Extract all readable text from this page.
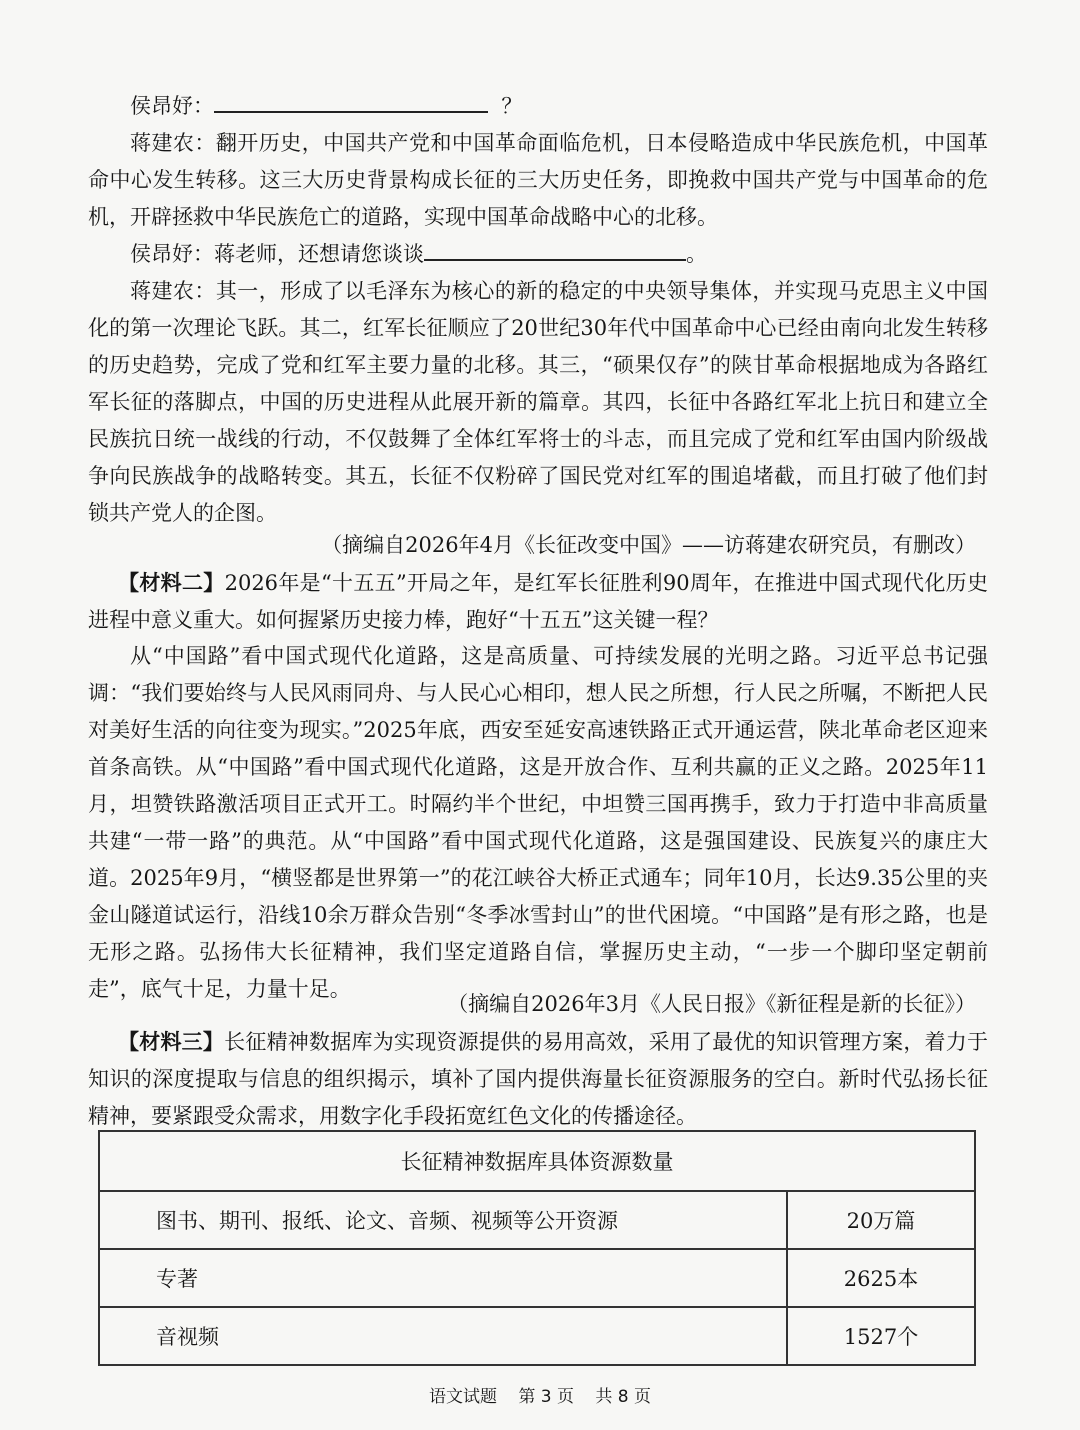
侯昂妤：	？

蒋建农：翻开历史，中国共产党和中国革命面临危机，日本侵略造成中华民族危机，中国革命中心发生转移。这三大历史背景构成长征的三大历史任务，即挽救中国共产党与中国革命的危机，开辟拯救中华民族危亡的道路，实现中国革命战略中心的北移。

侯昂妤：蒋老师，还想请您谈谈	。

蒋建农：其一，形成了以毛泽东为核心的新的稳定的中央领导集体，并实现马克思主义中国化的第一次理论飞跃。其二，红军长征顺应了20世纪30年代中国革命中心已经由南向北发生转移的历史趋势，完成了党和红军主要力量的北移。其三，“硕果仅存”的陕甘革命根据地成为各路红军长征的落脚点，中国的历史进程从此展开新的篇章。其四，长征中各路红军北上抗日和建立全民族抗日统一战线的行动，不仅鼓舞了全体红军将士的斗志，而且完成了党和红军由国内阶级战争向民族战争的战略转变。其五，长征不仅粉碎了国民党对红军的围追堵截，而且打破了他们封锁共产党人的企图。

（摘编自2026年4月《长征改变中国》——访蒋建农研究员，有删改）

【材料二】2026年是“十五五”开局之年，是红军长征胜利90周年，在推进中国式现代化历史进程中意义重大。如何握紧历史接力棒，跑好“十五五”这关键一程？

从“中国路”看中国式现代化道路，这是高质量、可持续发展的光明之路。习近平总书记强调：“我们要始终与人民风雨同舟、与人民心心相印，想人民之所想，行人民之所嘱，不断把人民对美好生活的向往变为现实。”2025年底，西安至延安高速铁路正式开通运营，陕北革命老区迎来首条高铁。从“中国路”看中国式现代化道路，这是开放合作、互利共赢的正义之路。2025年11月，坦赞铁路激活项目正式开工。时隔约半个世纪，中坦赞三国再携手，致力于打造中非高质量共建“一带一路”的典范。从“中国路”看中国式现代化道路，这是强国建设、民族复兴的康庄大道。2025年9月，“横竖都是世界第一”的花江峡谷大桥正式通车；同年10月，长达9.35公里的夹金山隧道试运行，沿线10余万群众告别“冬季冰雪封山”的世代困境。“中国路”是有形之路，也是无形之路。弘扬伟大长征精神，我们坚定道路自信，掌握历史主动，“一步一个脚印坚定朝前走”，底气十足，力量十足。

（摘编自2026年3月《人民日报》《新征程是新的长征》）

【材料三】长征精神数据库为实现资源提供的易用高效，采用了最优的知识管理方案，着力于知识的深度提取与信息的组织揭示，填补了国内提供海量长征资源服务的空白。新时代弘扬长征精神，要紧跟受众需求，用数字化手段拓宽红色文化的传播途径。

长征精神数据库具体资源数量	
图书、期刊、报纸、论文、音频、视频等公开资源	20万篇
专著	2625本
音视频	1527个
语文试题 第 3 页 共 8 页
